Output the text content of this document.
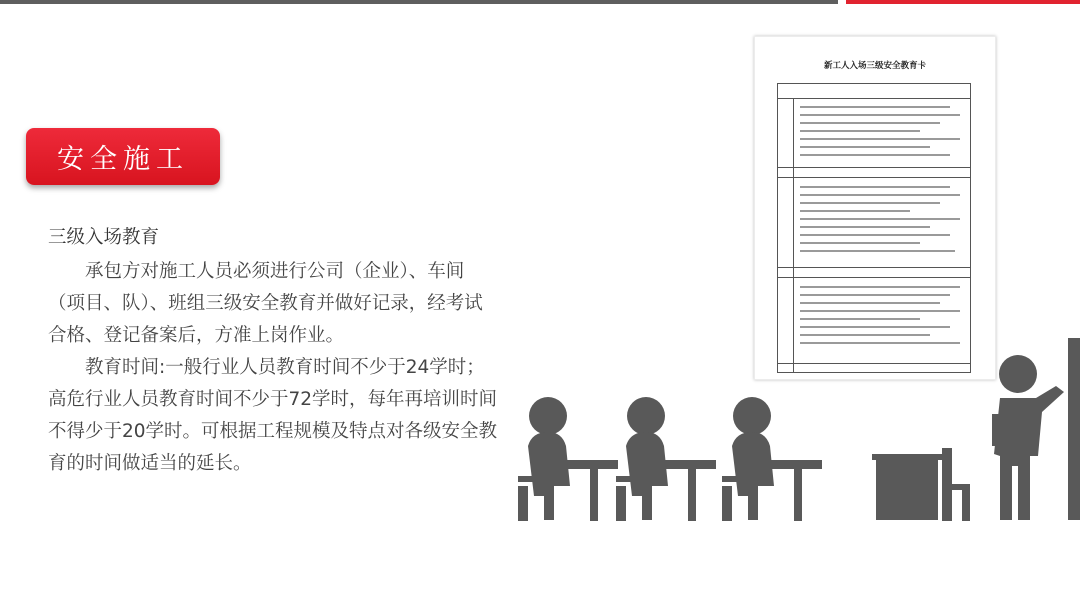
安全施工
三级入场教育

承包方对施工人员必须进行公司（企业）、车间（项目、队）、班组三级安全教育并做好记录，经考试合格、登记备案后，方准上岗作业。

教育时间:一般行业人员教育时间不少于24学时；高危行业人员教育时间不少于72学时，每年再培训时间不得少于20学时。可根据工程规模及特点对各级安全教育的时间做适当的延长。

新工人入场三级安全教育卡
